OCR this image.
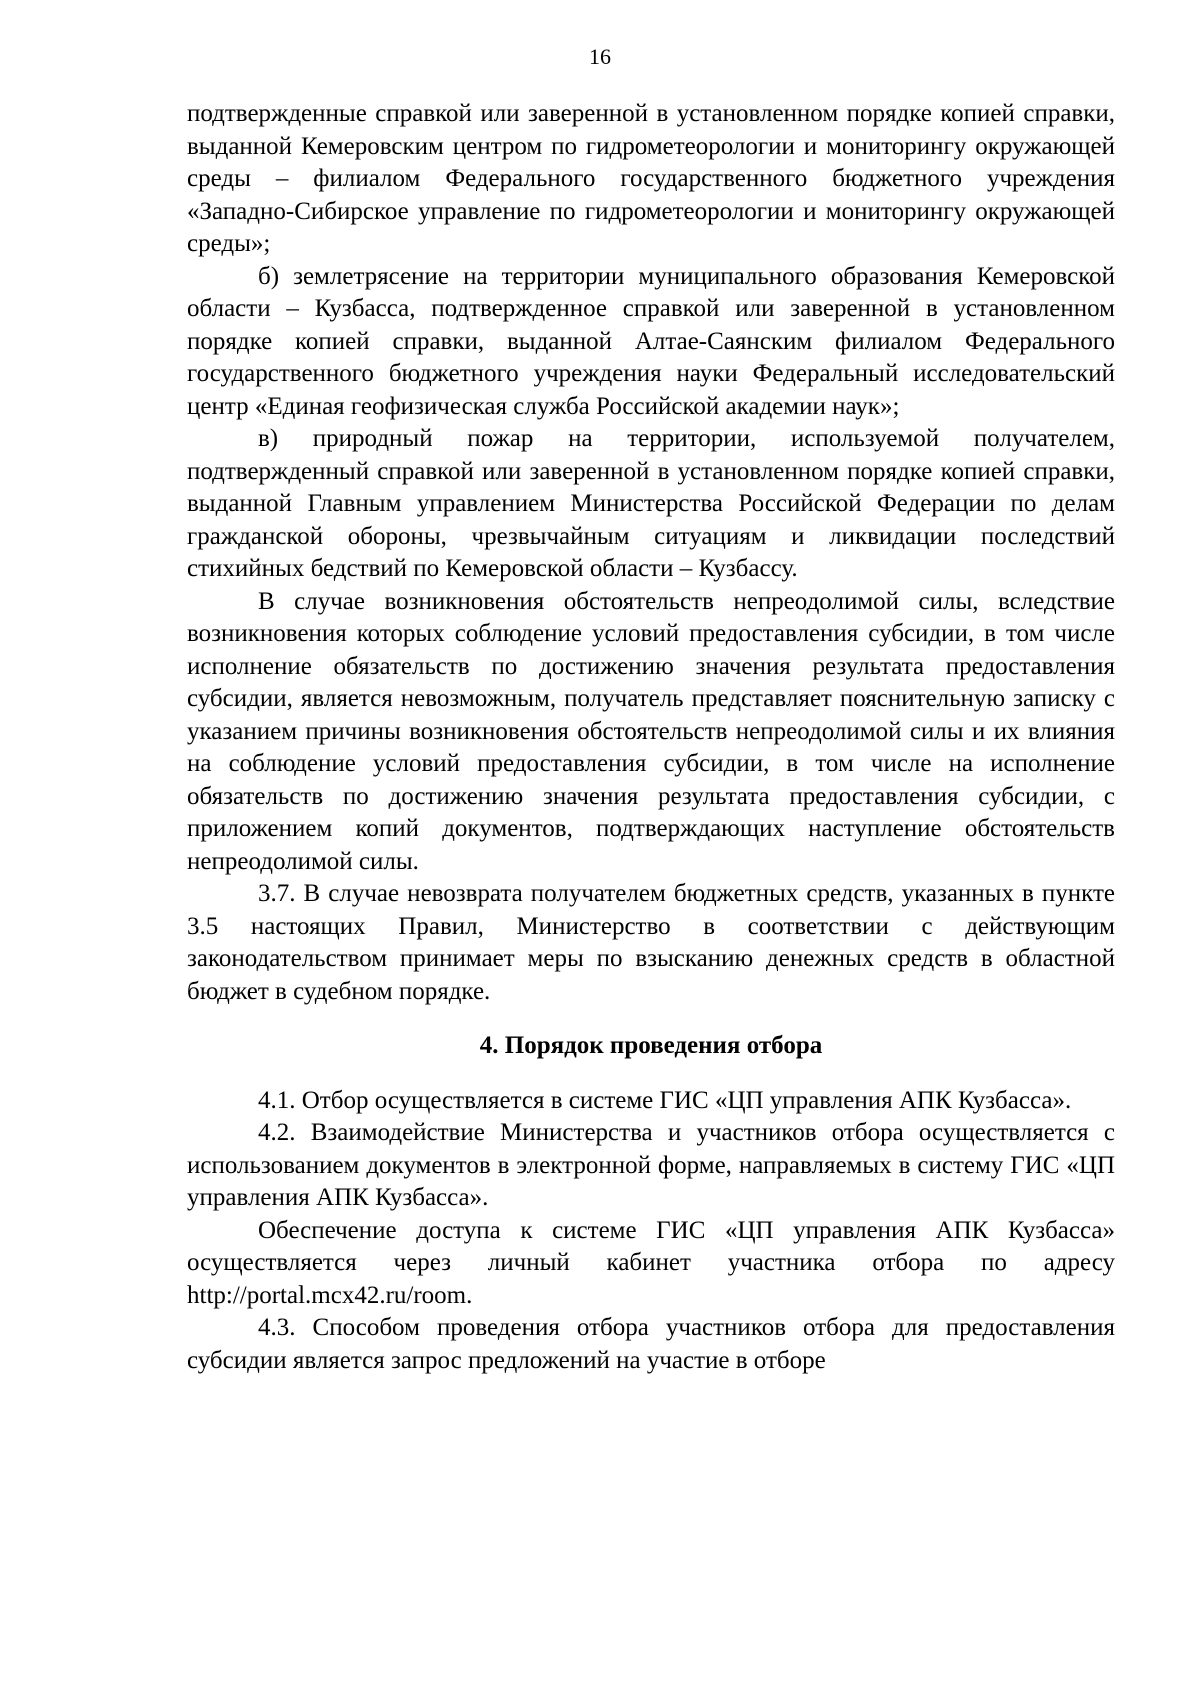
16

подтвержденные справкой или заверенной в установленном порядке копией справки, выданной Кемеровским центром по гидрометеорологии и мониторингу окружающей среды – филиалом Федерального государственного бюджетного учреждения «Западно-Сибирское управление по гидрометеорологии и мониторингу окружающей среды»;

б) землетрясение на территории муниципального образования Кемеровской области – Кузбасса, подтвержденное справкой или заверенной в установленном порядке копией справки, выданной Алтае-Саянским филиалом Федерального государственного бюджетного учреждения науки Федеральный исследовательский центр «Единая геофизическая служба Российской академии наук»;

в) природный пожар на территории, используемой получателем, подтвержденный справкой или заверенной в установленном порядке копией справки, выданной Главным управлением Министерства Российской Федерации по делам гражданской обороны, чрезвычайным ситуациям и ликвидации последствий стихийных бедствий по Кемеровской области – Кузбассу.

В случае возникновения обстоятельств непреодолимой силы, вследствие возникновения которых соблюдение условий предоставления субсидии, в том числе исполнение обязательств по достижению значения результата предоставления субсидии, является невозможным, получатель представляет пояснительную записку с указанием причины возникновения обстоятельств непреодолимой силы и их влияния на соблюдение условий предоставления субсидии, в том числе на исполнение обязательств по достижению значения результата предоставления субсидии, с приложением копий документов, подтверждающих наступление обстоятельств непреодолимой силы.

3.7. В случае невозврата получателем бюджетных средств, указанных в пункте 3.5 настоящих Правил, Министерство в соответствии с действующим законодательством принимает меры по взысканию денежных средств в областной бюджет в судебном порядке.

4. Порядок проведения отбора

4.1. Отбор осуществляется в системе ГИС «ЦП управления АПК Кузбасса».

4.2. Взаимодействие Министерства и участников отбора осуществляется с использованием документов в электронной форме, направляемых в систему ГИС «ЦП управления АПК Кузбасса».

Обеспечение доступа к системе ГИС «ЦП управления АПК Кузбасса» осуществляется через личный кабинет участника отбора по адресу http://portal.mcx42.ru/room.

4.3. Способом проведения отбора участников отбора для предоставления субсидии является запрос предложений на участие в отборе
